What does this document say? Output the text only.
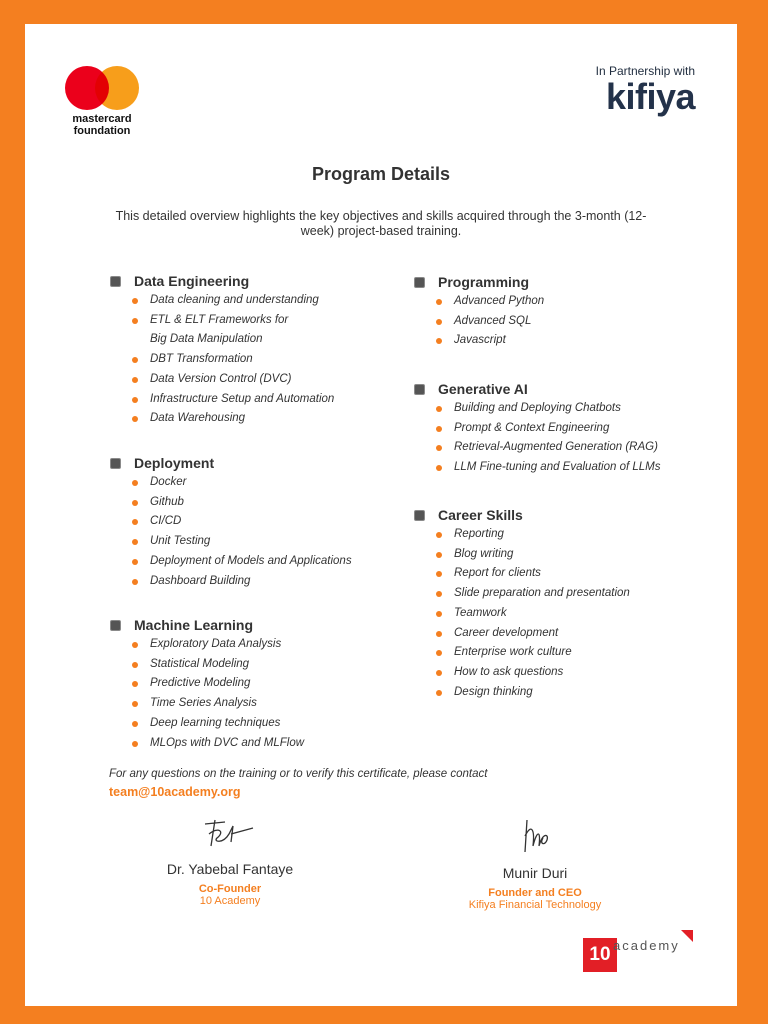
mastercard
foundation
In Partnership with
kifiya
Program Details
This detailed overview highlights the key objectives and skills acquired through the 3-month (12-week) project-based training.
Data Engineering
Data cleaning and understanding
ETL & ELT Frameworks for
Big Data Manipulation
DBT Transformation
Data Version Control (DVC)
Infrastructure Setup and Automation
Data Warehousing
Deployment
Docker
Github
CI/CD
Unit Testing
Deployment of Models and Applications
Dashboard Building
Machine Learning
Exploratory Data Analysis
Statistical Modeling
Predictive Modeling
Time Series Analysis
Deep learning techniques
MLOps with DVC and MLFlow
Programming
Advanced Python
Advanced SQL
Javascript
Generative AI
Building and Deploying Chatbots
Prompt & Context Engineering
Retrieval-Augmented Generation (RAG)
LLM Fine-tuning and Evaluation of LLMs
Career Skills
Reporting
Blog writing
Report for clients
Slide preparation and presentation
Teamwork
Career development
Enterprise work culture
How to ask questions
Design thinking
For any questions on the training or to verify this certificate, please contact
team@10academy.org
Dr. Yabebal Fantaye
Co-Founder
10 Academy
Munir Duri
Founder and CEO
Kifiya Financial Technology
10 academy
